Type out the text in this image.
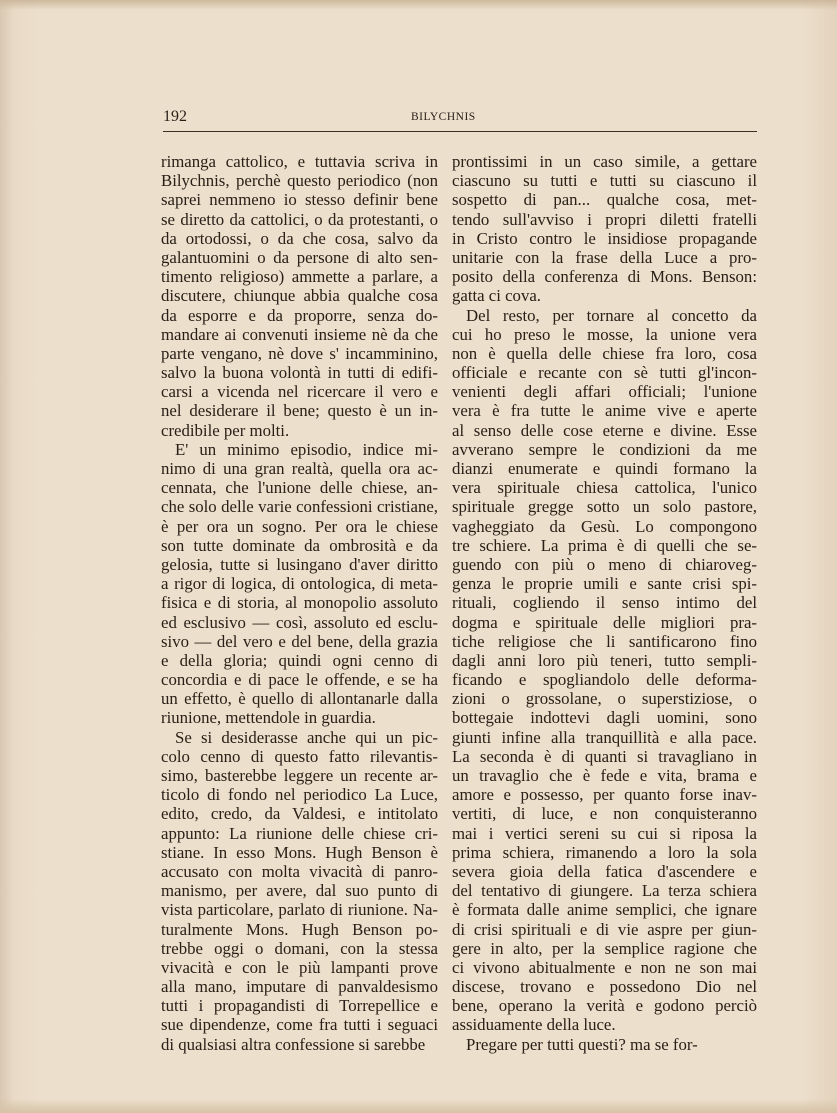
192	BILYCHNIS
rimanga cattolico, e tuttavia scriva in
Bilychnis, perchè questo periodico (non
saprei nemmeno io stesso definir bene
se diretto da cattolici, o da protestanti, o
da ortodossi, o da che cosa, salvo da
galantuomini o da persone di alto sen-
timento religioso) ammette a parlare, a
discutere, chiunque abbia qualche cosa
da esporre e da proporre, senza do-
mandare ai convenuti insieme nè da che
parte vengano, nè dove s' incamminino,
salvo la buona volontà in tutti di edifi-
carsi a vicenda nel ricercare il vero e
nel desiderare il bene; questo è un in-
credibile per molti.
E' un minimo episodio, indice mi-
nimo di una gran realtà, quella ora ac-
cennata, che l'unione delle chiese, an-
che solo delle varie confessioni cristiane,
è per ora un sogno. Per ora le chiese
son tutte dominate da ombrosità e da
gelosia, tutte si lusingano d'aver diritto
a rigor di logica, di ontologica, di meta-
fisica e di storia, al monopolio assoluto
ed esclusivo — così, assoluto ed esclu-
sivo — del vero e del bene, della grazia
e della gloria; quindi ogni cenno di
concordia e di pace le offende, e se ha
un effetto, è quello di allontanarle dalla
riunione, mettendole in guardia.
Se si desiderasse anche qui un pic-
colo cenno di questo fatto rilevantis-
simo, basterebbe leggere un recente ar-
ticolo di fondo nel periodico La Luce,
edito, credo, da Valdesi, e intitolato
appunto: La riunione delle chiese cri-
stiane. In esso Mons. Hugh Benson è
accusato con molta vivacità di panro-
manismo, per avere, dal suo punto di
vista particolare, parlato di riunione. Na-
turalmente Mons. Hugh Benson po-
trebbe oggi o domani, con la stessa
vivacità e con le più lampanti prove
alla mano, imputare di panvaldesismo
tutti i propagandisti di Torrepellice e
sue dipendenze, come fra tutti i seguaci
di qualsiasi altra confessione si sarebbe
prontissimi in un caso simile, a gettare
ciascuno su tutti e tutti su ciascuno il
sospetto di pan... qualche cosa, met-
tendo sull'avviso i propri diletti fratelli
in Cristo contro le insidiose propagande
unitarie con la frase della Luce a pro-
posito della conferenza di Mons. Benson:
gatta ci cova.
Del resto, per tornare al concetto da
cui ho preso le mosse, la unione vera
non è quella delle chiese fra loro, cosa
officiale e recante con sè tutti gl'incon-
venienti degli affari officiali; l'unione
vera è fra tutte le anime vive e aperte
al senso delle cose eterne e divine. Esse
avverano sempre le condizioni da me
dianzi enumerate e quindi formano la
vera spirituale chiesa cattolica, l'unico
spirituale gregge sotto un solo pastore,
vagheggiato da Gesù. Lo compongono
tre schiere. La prima è di quelli che se-
guendo con più o meno di chiaroveg-
genza le proprie umili e sante crisi spi-
rituali, cogliendo il senso intimo del
dogma e spirituale delle migliori pra-
tiche religiose che li santificarono fino
dagli anni loro più teneri, tutto sempli-
ficando e spogliandolo delle deforma-
zioni o grossolane, o superstiziose, o
bottegaie indottevi dagli uomini, sono
giunti infine alla tranquillità e alla pace.
La seconda è di quanti si travagliano in
un travaglio che è fede e vita, brama e
amore e possesso, per quanto forse inav-
vertiti, di luce, e non conquisteranno
mai i vertici sereni su cui si riposa la
prima schiera, rimanendo a loro la sola
severa gioia della fatica d'ascendere e
del tentativo di giungere. La terza schiera
è formata dalle anime semplici, che ignare
di crisi spirituali e di vie aspre per giun-
gere in alto, per la semplice ragione che
ci vivono abitualmente e non ne son mai
discese, trovano e possedono Dio nel
bene, operano la verità e godono perciò
assiduamente della luce.
Pregare per tutti questi? ma se for-
